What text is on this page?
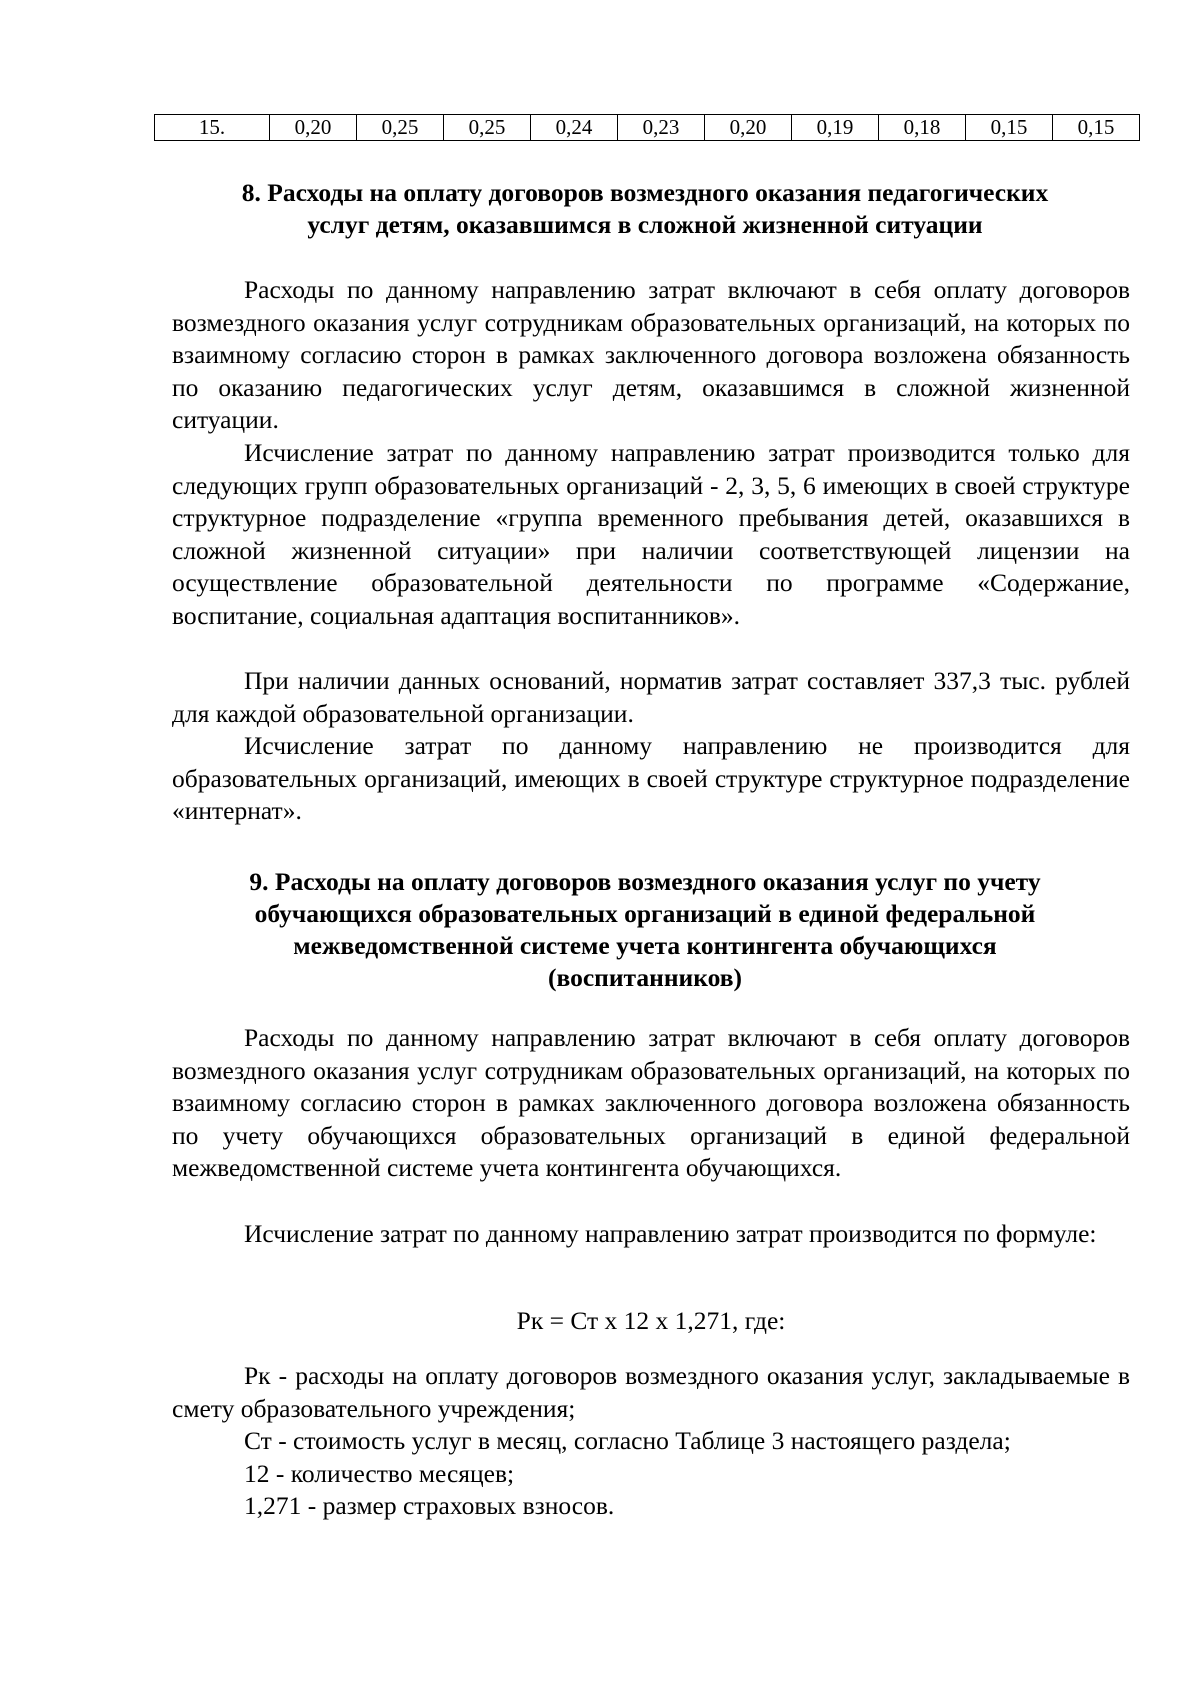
15.	0,20	0,25	0,25	0,24	0,23	0,20	0,19	0,18	0,15	0,15
8. Расходы на оплату договоров возмездного оказания педагогических
услуг детям, оказавшимся в сложной жизненной ситуации

Расходы по данному направлению затрат включают в себя оплату договоров возмездного оказания услуг сотрудникам образовательных организаций, на которых по взаимному согласию сторон в рамках заключенного договора возложена обязанность по оказанию педагогических услуг детям, оказавшимся в сложной жизненной ситуации.

Исчисление затрат по данному направлению затрат производится только для следующих групп образовательных организаций - 2, 3, 5, 6 имеющих в своей структуре структурное подразделение «группа временного пребывания детей, оказавшихся в сложной жизненной ситуации» при наличии соответствующей лицензии на осуществление образовательной деятельности по программе «Содержание, воспитание, социальная адаптация воспитанников».

При наличии данных оснований, норматив затрат составляет 337,3 тыс. рублей для каждой образовательной организации.

Исчисление затрат по данному направлению не производится для образовательных организаций, имеющих в своей структуре структурное подразделение «интернат».

9. Расходы на оплату договоров возмездного оказания услуг по учету
обучающихся образовательных организаций в единой федеральной
межведомственной системе учета контингента обучающихся
(воспитанников)

Расходы по данному направлению затрат включают в себя оплату договоров возмездного оказания услуг сотрудникам образовательных организаций, на которых по взаимному согласию сторон в рамках заключенного договора возложена обязанность по учету обучающихся образовательных организаций в единой федеральной межведомственной системе учета контингента обучающихся.

Исчисление затрат по данному направлению затрат производится по формуле:

Рк = Ст х 12 х 1,271, где:

Рк - расходы на оплату договоров возмездного оказания услуг, закладываемые в смету образовательного учреждения;

Ст - стоимость услуг в месяц, согласно Таблице 3 настоящего раздела;

12 - количество месяцев;

1,271 - размер страховых взносов.
